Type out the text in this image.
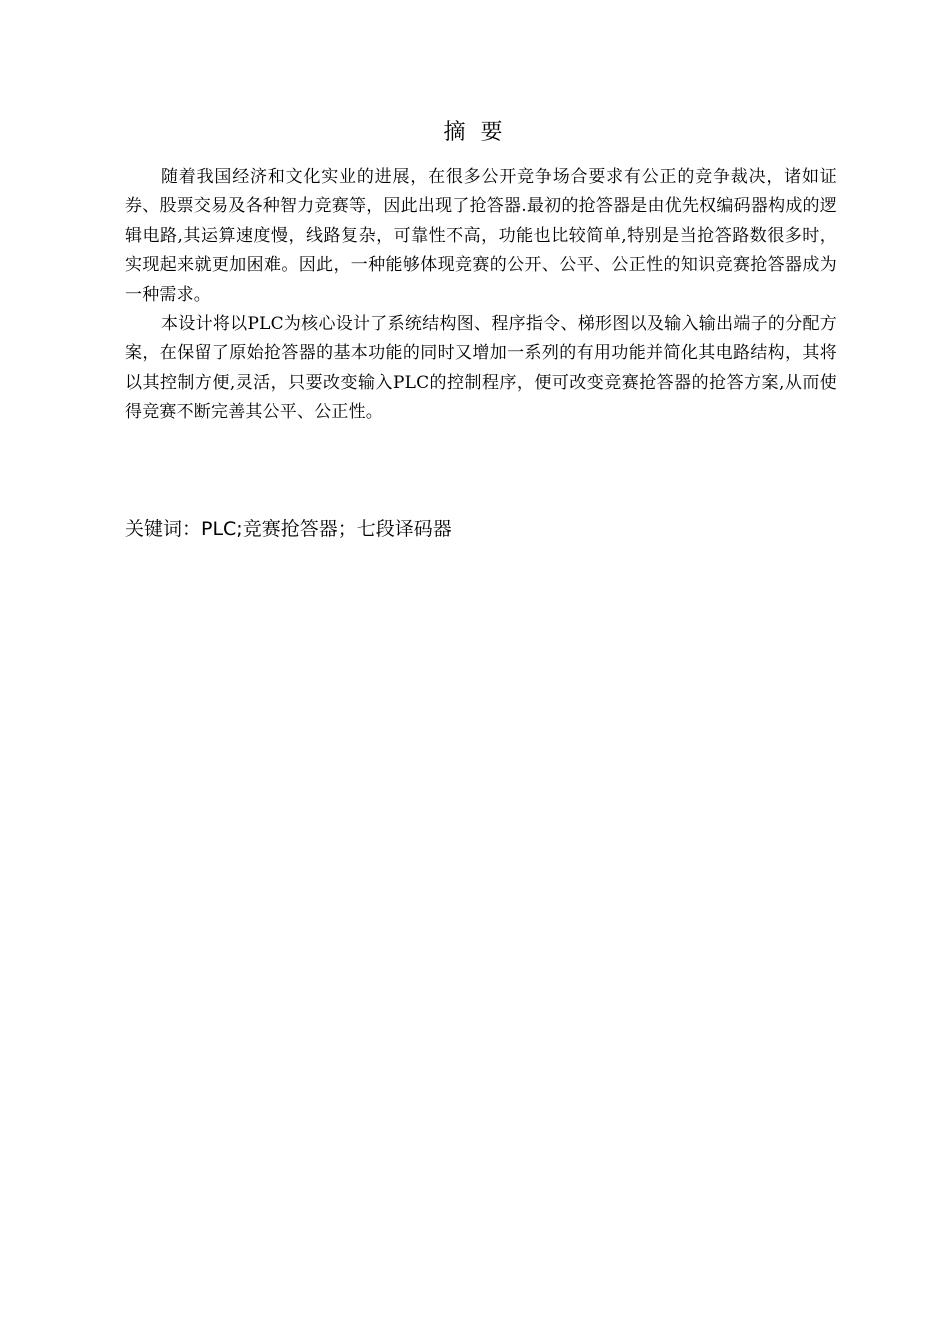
摘 要

随着我国经济和文化实业的进展，在很多公开竞争场合要求有公正的竞争裁决，诸如证券、股票交易及各种智力竞赛等，因此出现了抢答器.最初的抢答器是由优先权编码器构成的逻辑电路,其运算速度慢，线路复杂，可靠性不高，功能也比较简单,特别是当抢答路数很多时，实现起来就更加困难。因此，一种能够体现竞赛的公开、公平、公正性的知识竞赛抢答器成为一种需求。

本设计将以PLC为核心设计了系统结构图、程序指令、梯形图以及输入输出端子的分配方案，在保留了原始抢答器的基本功能的同时又增加一系列的有用功能并简化其电路结构，其将以其控制方便,灵活，只要改变输入PLC的控制程序，便可改变竞赛抢答器的抢答方案,从而使得竞赛不断完善其公平、公正性。

关键词：PLC;竞赛抢答器；七段译码器
